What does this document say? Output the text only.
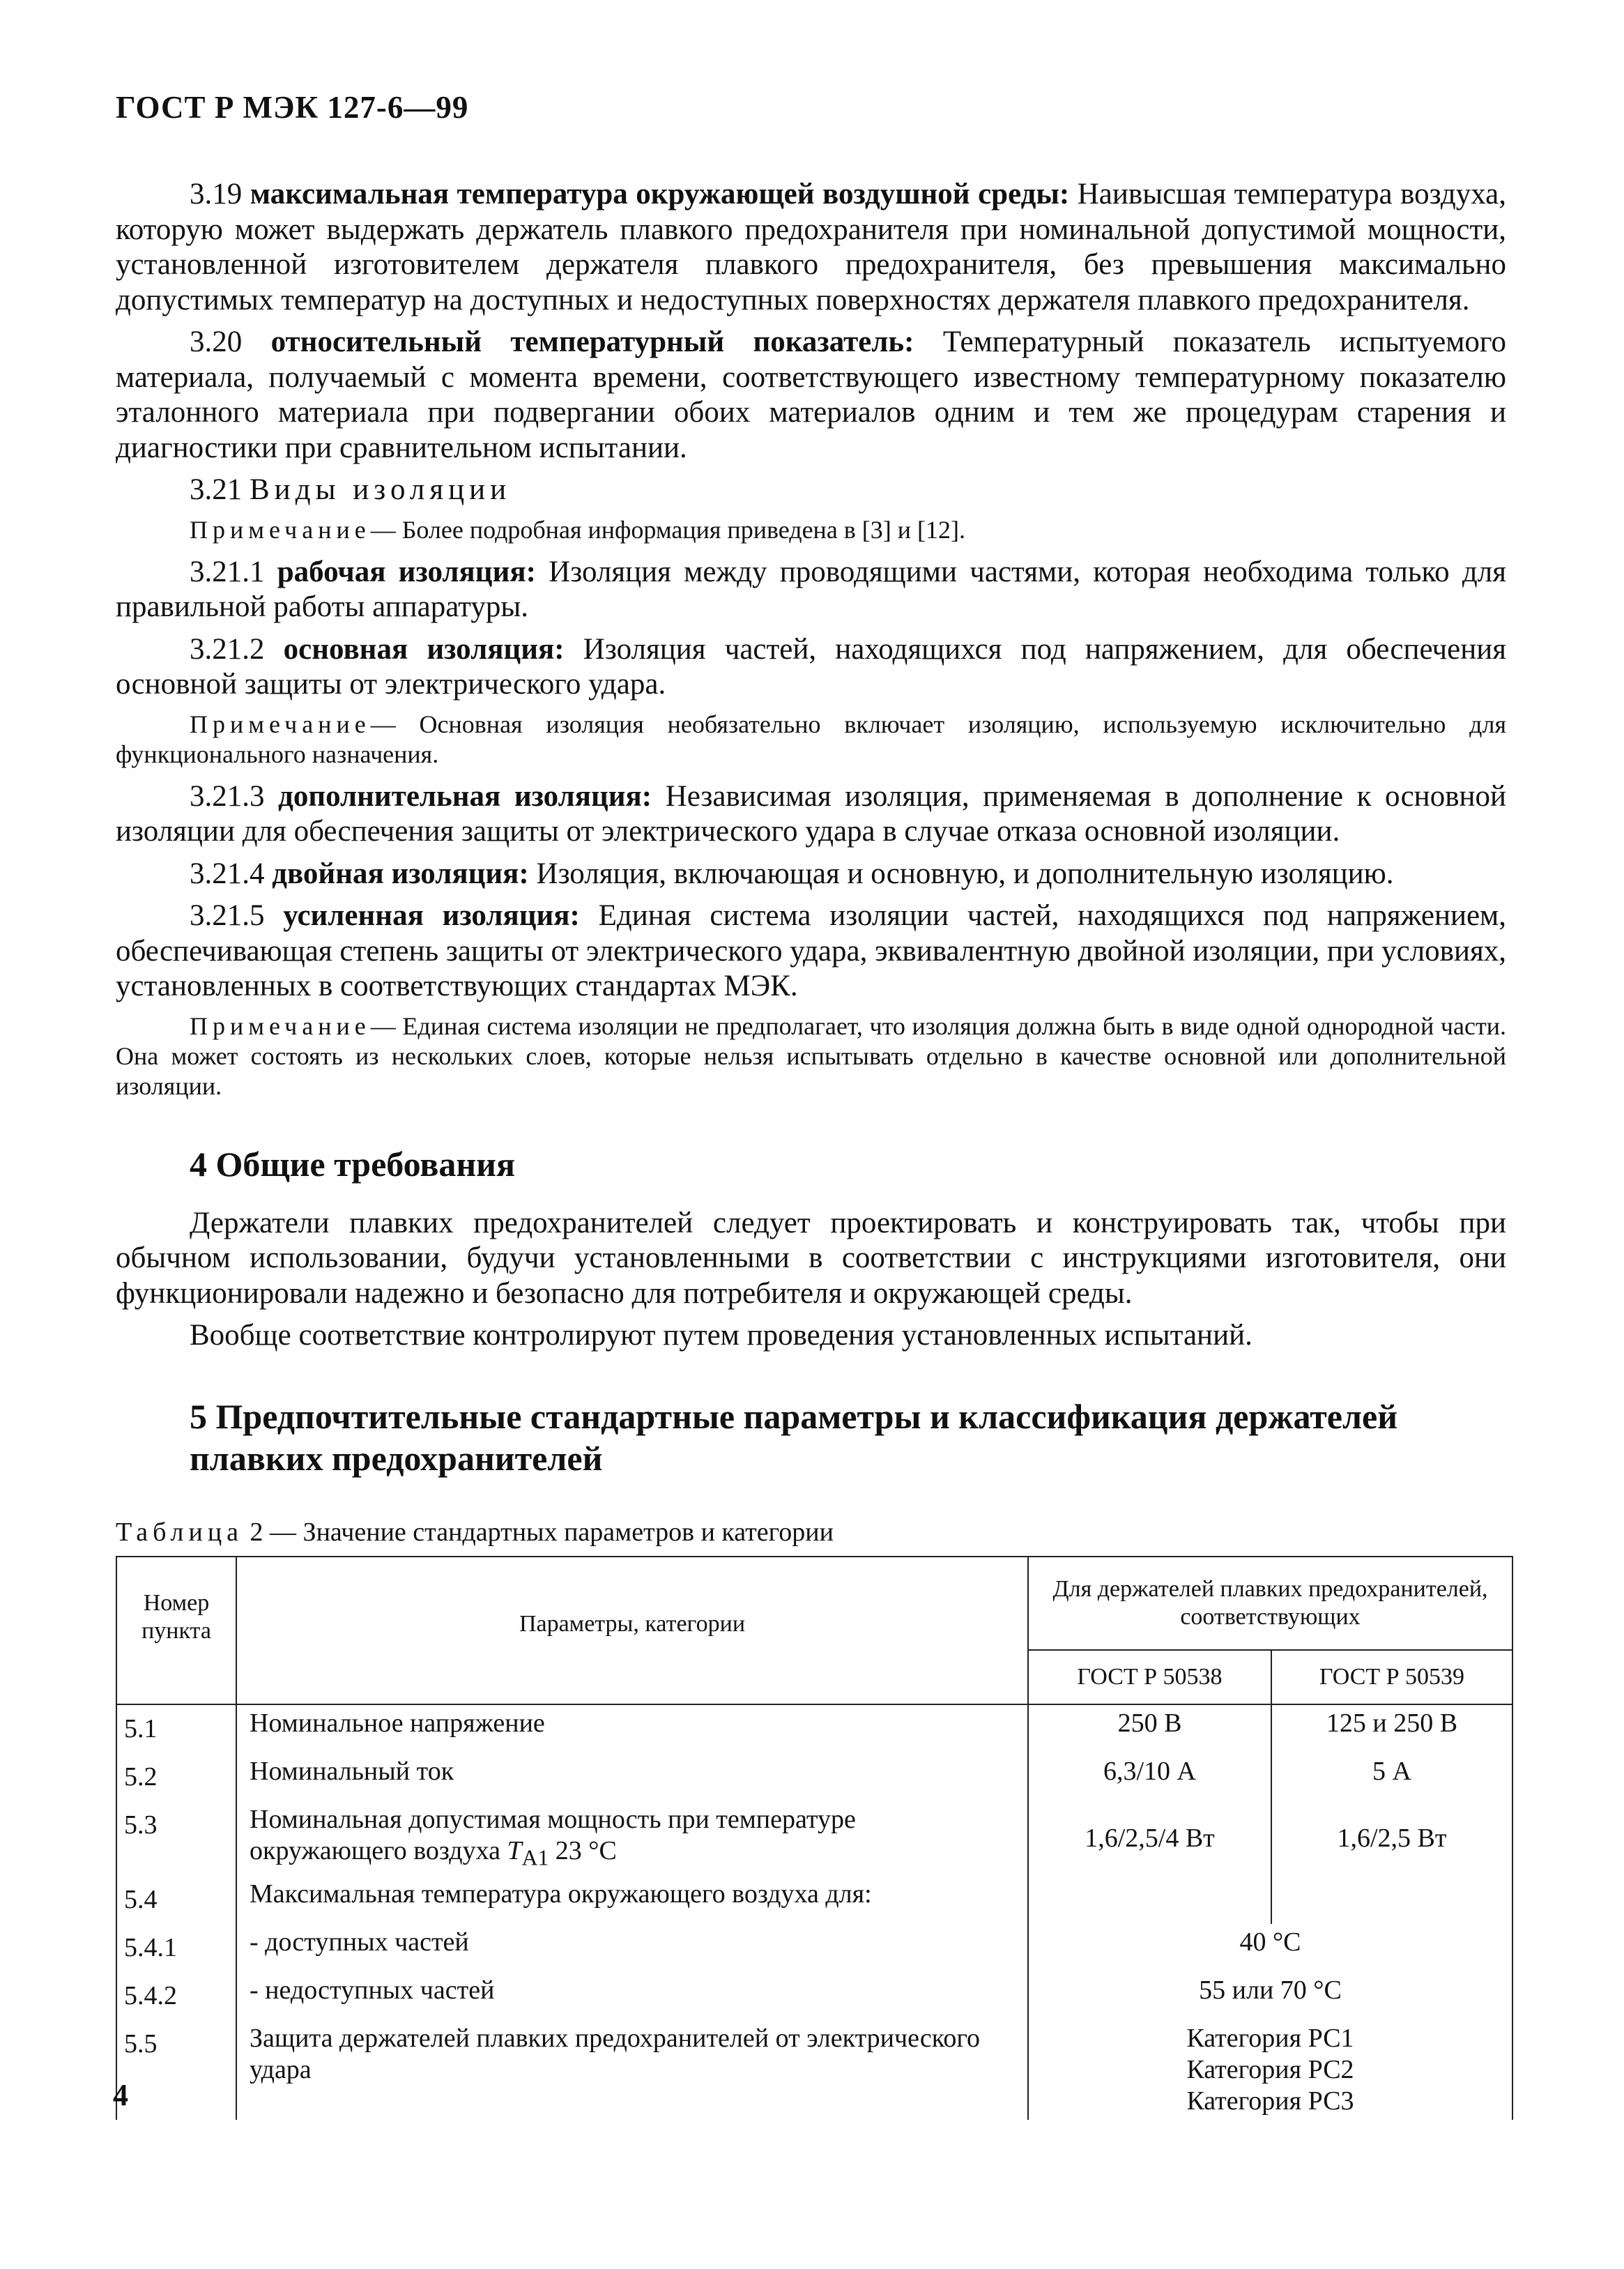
ГОСТ Р МЭК 127-6—99

3.19 максимальная температура окружающей воздушной среды: Наивысшая температура воздуха, которую может выдержать держатель плавкого предохранителя при номинальной допустимой мощности, установленной изготовителем держателя плавкого предохранителя, без превышения максимально допустимых температур на доступных и недоступных поверхностях держателя плавкого предохранителя.

3.20 относительный температурный показатель: Температурный показатель испытуемого материала, получаемый с момента времени, соответствующего известному температурному показателю эталонного материала при подвергании обоих материалов одним и тем же процедурам старения и диагностики при сравнительном испытании.

3.21 Виды изоляции

Примечание— Более подробная информация приведена в [3] и [12].

3.21.1 рабочая изоляция: Изоляция между проводящими частями, которая необходима только для правильной работы аппаратуры.

3.21.2 основная изоляция: Изоляция частей, находящихся под напряжением, для обеспечения основной защиты от электрического удара.

Примечание— Основная изоляция необязательно включает изоляцию, используемую исключительно для функционального назначения.

3.21.3 дополнительная изоляция: Независимая изоляция, применяемая в дополнение к основной изоляции для обеспечения защиты от электрического удара в случае отказа основной изоляции.

3.21.4 двойная изоляция: Изоляция, включающая и основную, и дополнительную изоляцию.

3.21.5 усиленная изоляция: Единая система изоляции частей, находящихся под напряжением, обеспечивающая степень защиты от электрического удара, эквивалентную двойной изоляции, при условиях, установленных в соответствующих стандартах МЭК.

Примечание— Единая система изоляции не предполагает, что изоляция должна быть в виде одной однородной части. Она может состоять из нескольких слоев, которые нельзя испытывать отдельно в качестве основной или дополнительной изоляции.

4 Общие требования

Держатели плавких предохранителей следует проектировать и конструировать так, чтобы при обычном использовании, будучи установленными в соответствии с инструкциями изготовителя, они функционировали надежно и безопасно для потребителя и окружающей среды.

Вообще соответствие контролируют путем проведения установленных испытаний.

5 Предпочтительные стандартные параметры и классификация держателей плавких предохранителей
Таблица 2 — Значение стандартных параметров и категории
Номер пункта	Параметры, категории	Для держателей плавких предохранителей, соответствующих	
		ГОСТ Р 50538	ГОСТ Р 50539
5.1	Номинальное напряжение	250 В	125 и 250 В
5.2	Номинальный ток	6,3/10 А	5 А
5.3	Номинальная допустимая мощность при температуре окружающего воздуха $T_{A1}$ 23 °С	1,6/2,5/4 Вт	1,6/2,5 Вт
5.4	Максимальная температура окружающего воздуха для:		
5.4.1	- доступных частей	40 °С	
5.4.2	- недоступных частей	55 или 70 °С	
5.5	Защита держателей плавких предохранителей от электрического удара	Категория РС1
Категория РС2
Категория РС3	
4
